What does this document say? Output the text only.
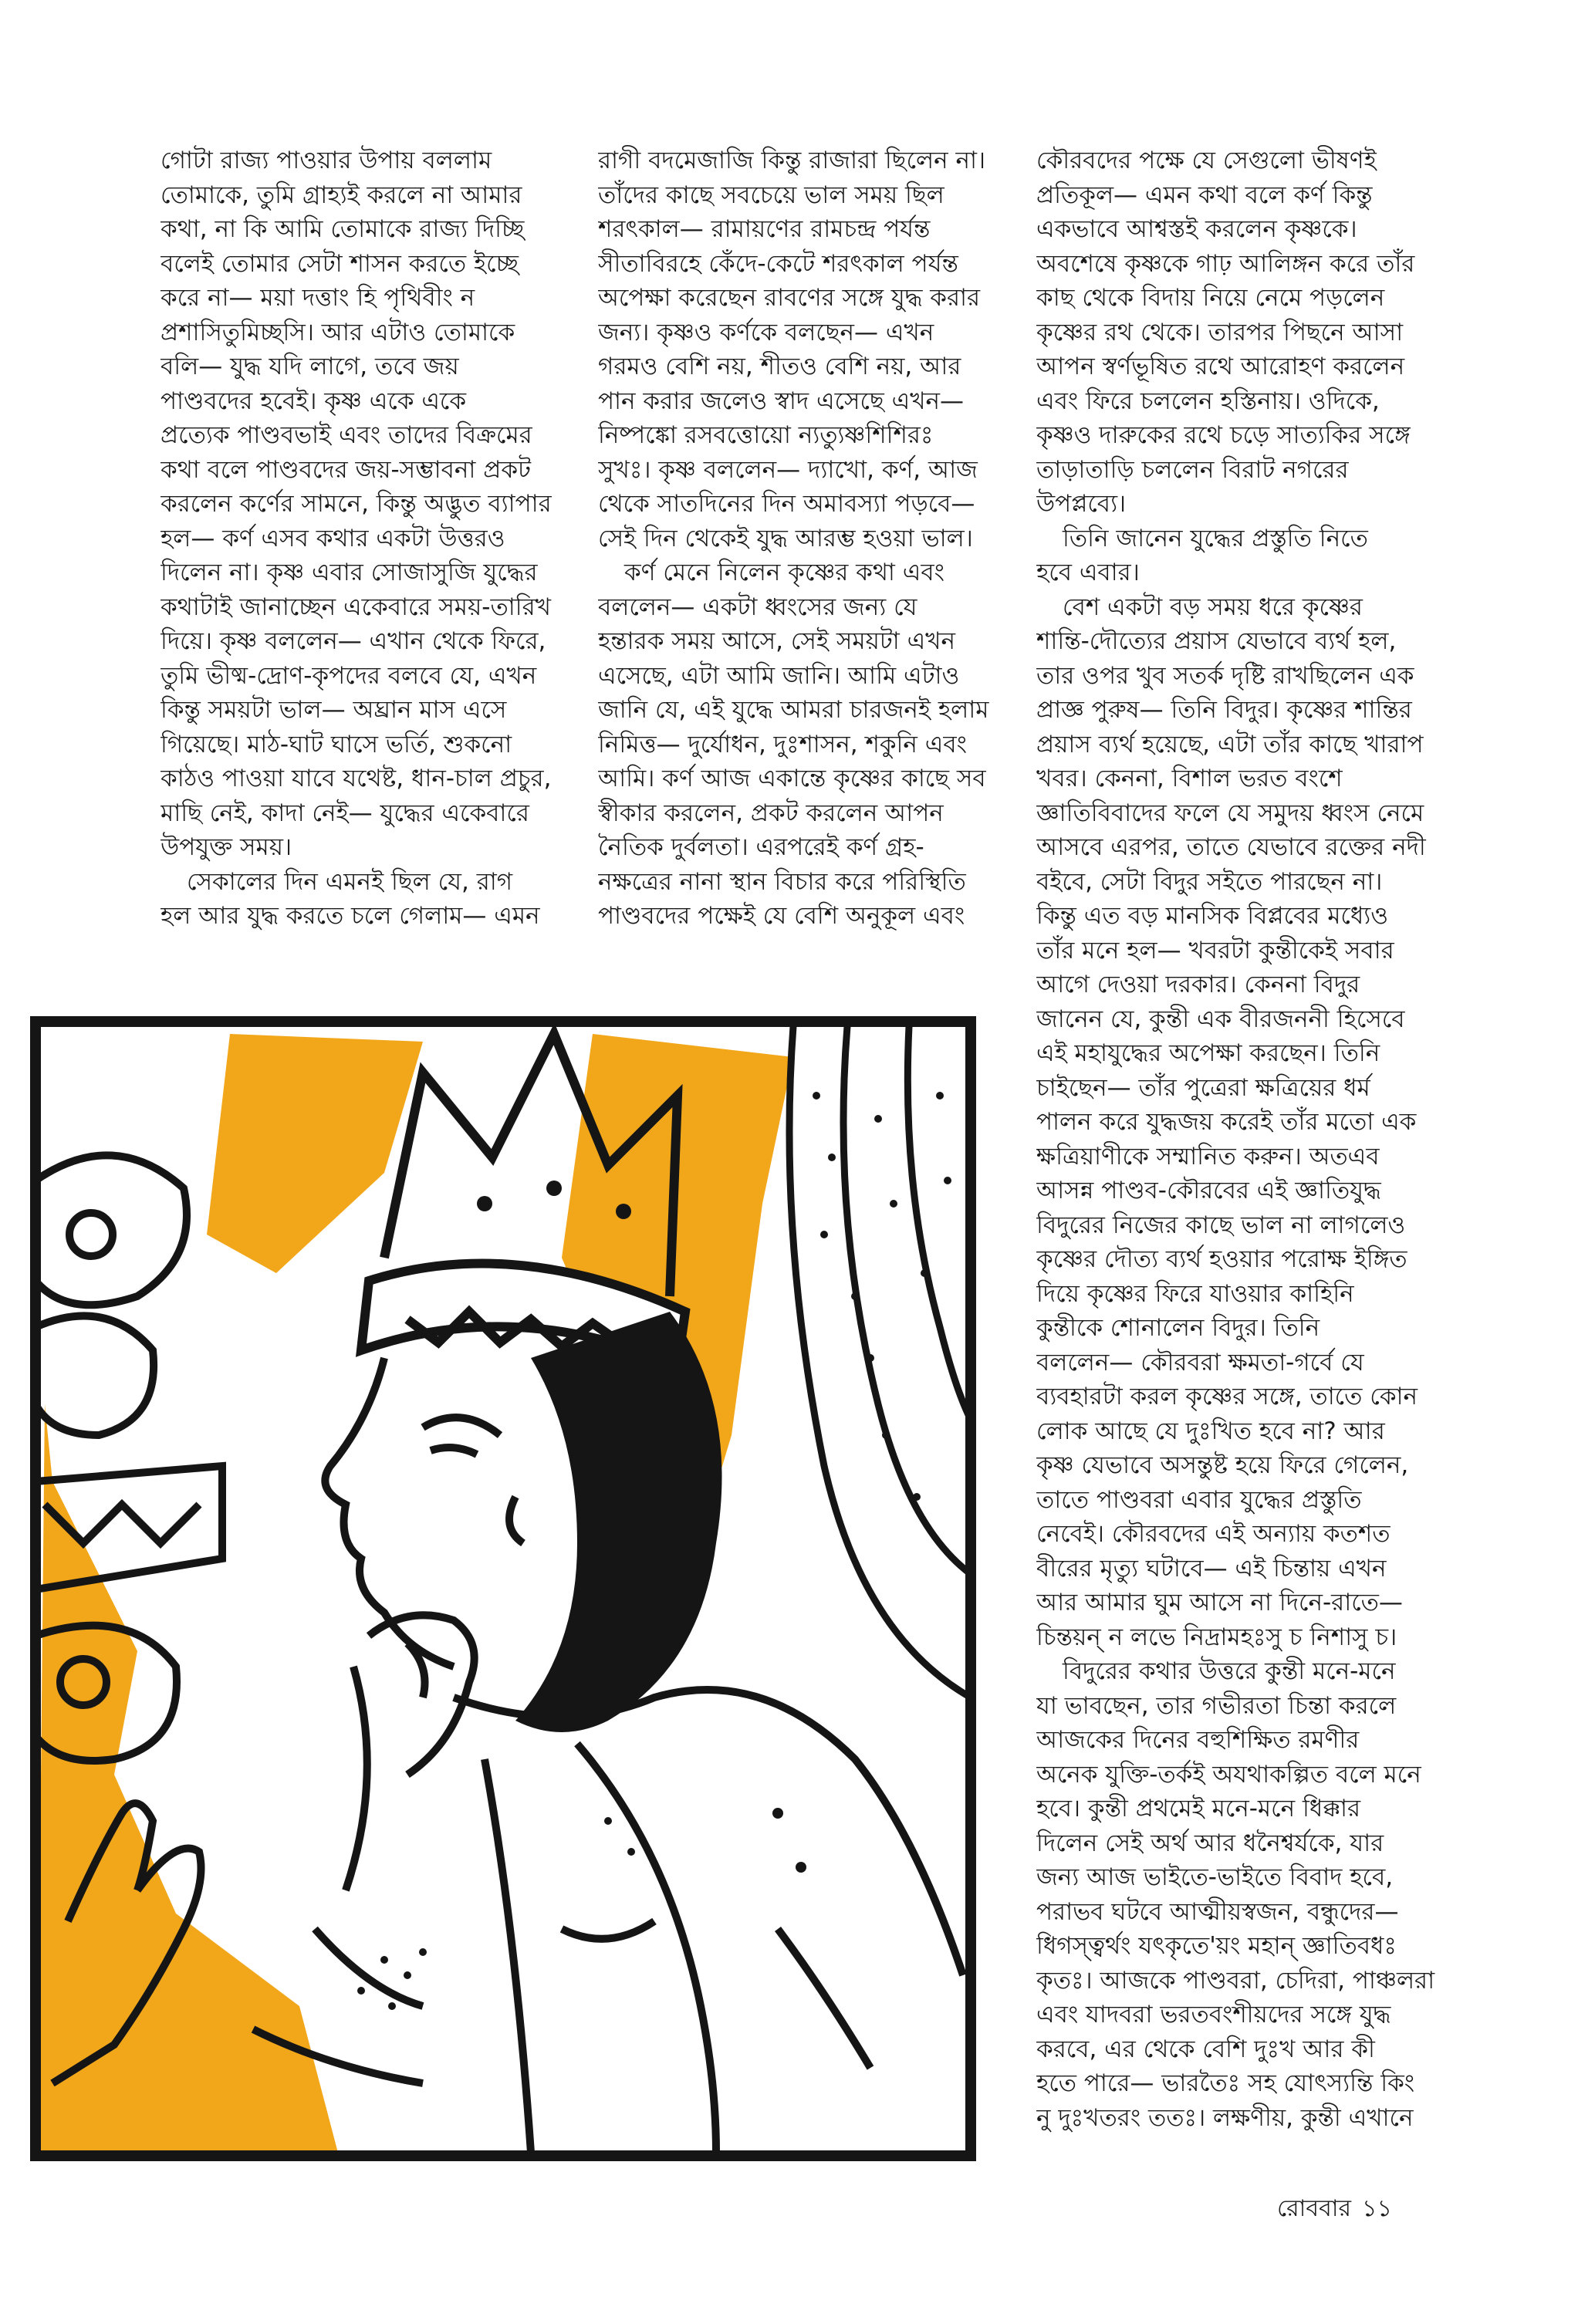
গোটা রাজ্য পাওয়ার উপায় বললাম
তোমাকে, তুমি গ্রাহ্যই করলে না আমার
কথা, না কি আমি তোমাকে রাজ্য দিচ্ছি
বলেই তোমার সেটা শাসন করতে ইচ্ছে
করে না— ময়া দত্তাং হি পৃথিবীং ন
প্রশাসিতুমিচ্ছসি। আর এটাও তোমাকে
বলি— যুদ্ধ যদি লাগে, তবে জয়
পাণ্ডবদের হবেই। কৃষ্ণ একে একে
প্রত্যেক পাণ্ডবভাই এবং তাদের বিক্রমের
কথা বলে পাণ্ডবদের জয়-সম্ভাবনা প্রকট
করলেন কর্ণের সামনে, কিন্তু অদ্ভুত ব্যাপার
হল— কর্ণ এসব কথার একটা উত্তরও
দিলেন না। কৃষ্ণ এবার সোজাসুজি যুদ্ধের
কথাটাই জানাচ্ছেন একেবারে সময়-তারিখ
দিয়ে। কৃষ্ণ বললেন— এখান থেকে ফিরে,
তুমি ভীষ্ম-দ্রোণ-কৃপদের বলবে যে, এখন
কিন্তু সময়টা ভাল— অঘ্রান মাস এসে
গিয়েছে। মাঠ-ঘাট ঘাসে ভর্তি, শুকনো
কাঠও পাওয়া যাবে যথেষ্ট, ধান-চাল প্রচুর,
মাছি নেই, কাদা নেই— যুদ্ধের একেবারে
উপযুক্ত সময়।
সেকালের দিন এমনই ছিল যে, রাগ
হল আর যুদ্ধ করতে চলে গেলাম— এমন
রাগী বদমেজাজি কিন্তু রাজারা ছিলেন না।
তাঁদের কাছে সবচেয়ে ভাল সময় ছিল
শরৎকাল— রামায়ণের রামচন্দ্র পর্যন্ত
সীতাবিরহে কেঁদে-কেটে শরৎকাল পর্যন্ত
অপেক্ষা করেছেন রাবণের সঙ্গে যুদ্ধ করার
জন্য। কৃষ্ণও কর্ণকে বলছেন— এখন
গরমও বেশি নয়, শীতও বেশি নয়, আর
পান করার জলেও স্বাদ এসেছে এখন—
নিষ্পঙ্কো রসবত্তোয়ো ন্যত্যুষ্ণশিশিরঃ
সুখঃ। কৃষ্ণ বললেন— দ্যাখো, কর্ণ, আজ
থেকে সাতদিনের দিন অমাবস্যা পড়বে—
সেই দিন থেকেই যুদ্ধ আরম্ভ হওয়া ভাল।
কর্ণ মেনে নিলেন কৃষ্ণের কথা এবং
বললেন— একটা ধ্বংসের জন্য যে
হন্তারক সময় আসে, সেই সময়টা এখন
এসেছে, এটা আমি জানি। আমি এটাও
জানি যে, এই যুদ্ধে আমরা চারজনই হলাম
নিমিত্ত— দুর্যোধন, দুঃশাসন, শকুনি এবং
আমি। কর্ণ আজ একান্তে কৃষ্ণের কাছে সব
স্বীকার করলেন, প্রকট করলেন আপন
নৈতিক দুর্বলতা। এরপরেই কর্ণ গ্রহ-
নক্ষত্রের নানা স্থান বিচার করে পরিস্থিতি
পাণ্ডবদের পক্ষেই যে বেশি অনুকূল এবং
কৌরবদের পক্ষে যে সেগুলো ভীষণই
প্রতিকূল— এমন কথা বলে কর্ণ কিন্তু
একভাবে আশ্বস্তই করলেন কৃষ্ণকে।
অবশেষে কৃষ্ণকে গাঢ় আলিঙ্গন করে তাঁর
কাছ থেকে বিদায় নিয়ে নেমে পড়লেন
কৃষ্ণের রথ থেকে। তারপর পিছনে আসা
আপন স্বর্ণভূষিত রথে আরোহণ করলেন
এবং ফিরে চললেন হস্তিনায়। ওদিকে,
কৃষ্ণও দারুকের রথে চড়ে সাত্যকির সঙ্গে
তাড়াতাড়ি চললেন বিরাট নগরের
উপপ্লব্যে।
তিনি জানেন যুদ্ধের প্রস্তুতি নিতে
হবে এবার।
বেশ একটা বড় সময় ধরে কৃষ্ণের
শান্তি-দৌত্যের প্রয়াস যেভাবে ব্যর্থ হল,
তার ওপর খুব সতর্ক দৃষ্টি রাখছিলেন এক
প্রাজ্ঞ পুরুষ— তিনি বিদুর। কৃষ্ণের শান্তির
প্রয়াস ব্যর্থ হয়েছে, এটা তাঁর কাছে খারাপ
খবর। কেননা, বিশাল ভরত বংশে
জ্ঞাতিবিবাদের ফলে যে সমুদয় ধ্বংস নেমে
আসবে এরপর, তাতে যেভাবে রক্তের নদী
বইবে, সেটা বিদুর সইতে পারছেন না।
কিন্তু এত বড় মানসিক বিপ্লবের মধ্যেও
তাঁর মনে হল— খবরটা কুন্তীকেই সবার
আগে দেওয়া দরকার। কেননা বিদুর
জানেন যে, কুন্তী এক বীরজননী হিসেবে
এই মহাযুদ্ধের অপেক্ষা করছেন। তিনি
চাইছেন— তাঁর পুত্রেরা ক্ষত্রিয়ের ধর্ম
পালন করে যুদ্ধজয় করেই তাঁর মতো এক
ক্ষত্রিয়াণীকে সম্মানিত করুন। অতএব
আসন্ন পাণ্ডব-কৌরবের এই জ্ঞাতিযুদ্ধ
বিদুরের নিজের কাছে ভাল না লাগলেও
কৃষ্ণের দৌত্য ব্যর্থ হওয়ার পরোক্ষ ইঙ্গিত
দিয়ে কৃষ্ণের ফিরে যাওয়ার কাহিনি
কুন্তীকে শোনালেন বিদুর। তিনি
বললেন— কৌরবরা ক্ষমতা-গর্বে যে
ব্যবহারটা করল কৃষ্ণের সঙ্গে, তাতে কোন
লোক আছে যে দুঃখিত হবে না? আর
কৃষ্ণ যেভাবে অসন্তুষ্ট হয়ে ফিরে গেলেন,
তাতে পাণ্ডবরা এবার যুদ্ধের প্রস্তুতি
নেবেই। কৌরবদের এই অন্যায় কতশত
বীরের মৃত্যু ঘটাবে— এই চিন্তায় এখন
আর আমার ঘুম আসে না দিনে-রাতে—
চিন্তয়ন্ ন লভে নিদ্রামহঃসু চ নিশাসু চ।
বিদুরের কথার উত্তরে কুন্তী মনে-মনে
যা ভাবছেন, তার গভীরতা চিন্তা করলে
আজকের দিনের বহুশিক্ষিত রমণীর
অনেক যুক্তি-তর্কই অযথাকল্পিত বলে মনে
হবে। কুন্তী প্রথমেই মনে-মনে ধিক্কার
দিলেন সেই অর্থ আর ধনৈশ্বর্যকে, যার
জন্য আজ ভাইতে-ভাইতে বিবাদ হবে,
পরাভব ঘটবে আত্মীয়স্বজন, বন্ধুদের—
ধিগস্ত্বর্থং যৎকৃতে'য়ং মহান্ জ্ঞাতিবধঃ
কৃতঃ। আজকে পাণ্ডবরা, চেদিরা, পাঞ্চলরা
এবং যাদবরা ভরতবংশীয়দের সঙ্গে যুদ্ধ
করবে, এর থেকে বেশি দুঃখ আর কী
হতে পারে— ভারতৈঃ সহ যোৎস্যন্তি কিং
নু দুঃখতরং ততঃ। লক্ষণীয়, কুন্তী এখানে
রোববার ১১
